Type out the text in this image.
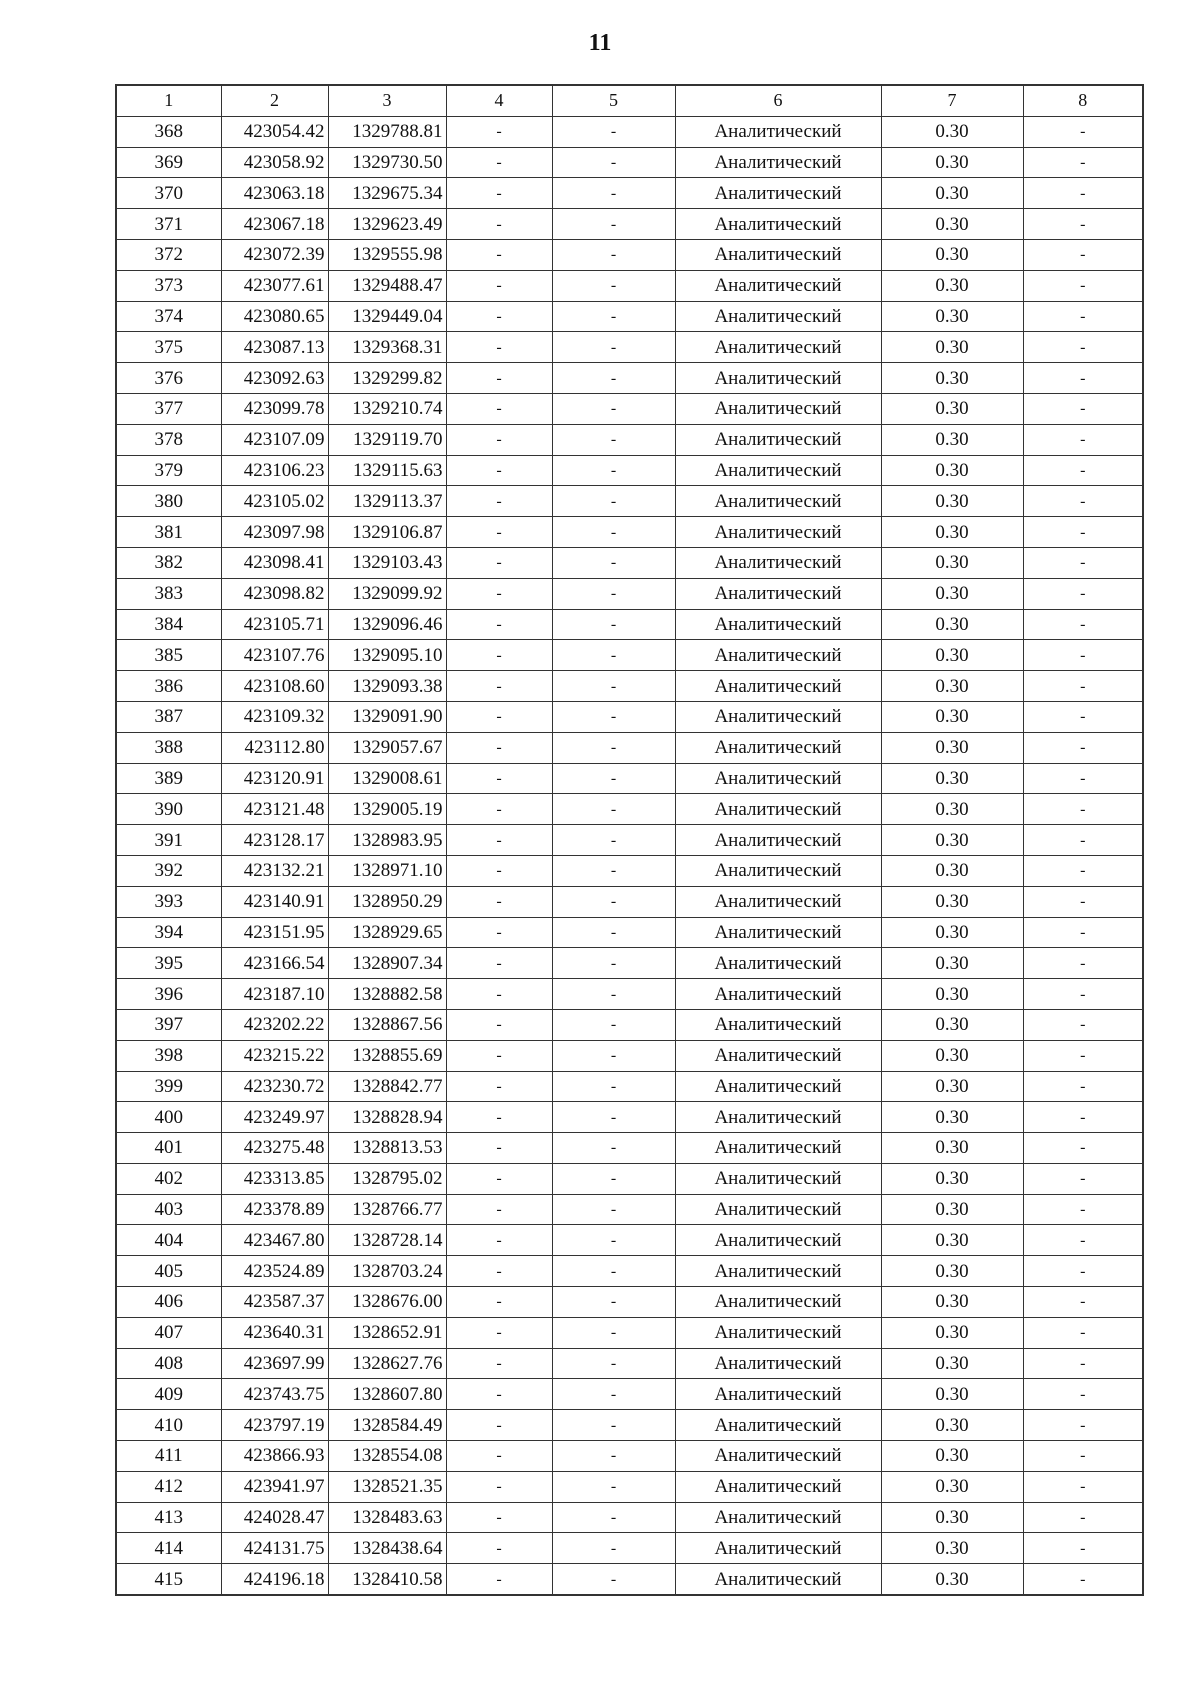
11
1	2	3	4	5	6	7	8
368	423054.42	1329788.81	-	-	Аналитический	0.30	-
369	423058.92	1329730.50	-	-	Аналитический	0.30	-
370	423063.18	1329675.34	-	-	Аналитический	0.30	-
371	423067.18	1329623.49	-	-	Аналитический	0.30	-
372	423072.39	1329555.98	-	-	Аналитический	0.30	-
373	423077.61	1329488.47	-	-	Аналитический	0.30	-
374	423080.65	1329449.04	-	-	Аналитический	0.30	-
375	423087.13	1329368.31	-	-	Аналитический	0.30	-
376	423092.63	1329299.82	-	-	Аналитический	0.30	-
377	423099.78	1329210.74	-	-	Аналитический	0.30	-
378	423107.09	1329119.70	-	-	Аналитический	0.30	-
379	423106.23	1329115.63	-	-	Аналитический	0.30	-
380	423105.02	1329113.37	-	-	Аналитический	0.30	-
381	423097.98	1329106.87	-	-	Аналитический	0.30	-
382	423098.41	1329103.43	-	-	Аналитический	0.30	-
383	423098.82	1329099.92	-	-	Аналитический	0.30	-
384	423105.71	1329096.46	-	-	Аналитический	0.30	-
385	423107.76	1329095.10	-	-	Аналитический	0.30	-
386	423108.60	1329093.38	-	-	Аналитический	0.30	-
387	423109.32	1329091.90	-	-	Аналитический	0.30	-
388	423112.80	1329057.67	-	-	Аналитический	0.30	-
389	423120.91	1329008.61	-	-	Аналитический	0.30	-
390	423121.48	1329005.19	-	-	Аналитический	0.30	-
391	423128.17	1328983.95	-	-	Аналитический	0.30	-
392	423132.21	1328971.10	-	-	Аналитический	0.30	-
393	423140.91	1328950.29	-	-	Аналитический	0.30	-
394	423151.95	1328929.65	-	-	Аналитический	0.30	-
395	423166.54	1328907.34	-	-	Аналитический	0.30	-
396	423187.10	1328882.58	-	-	Аналитический	0.30	-
397	423202.22	1328867.56	-	-	Аналитический	0.30	-
398	423215.22	1328855.69	-	-	Аналитический	0.30	-
399	423230.72	1328842.77	-	-	Аналитический	0.30	-
400	423249.97	1328828.94	-	-	Аналитический	0.30	-
401	423275.48	1328813.53	-	-	Аналитический	0.30	-
402	423313.85	1328795.02	-	-	Аналитический	0.30	-
403	423378.89	1328766.77	-	-	Аналитический	0.30	-
404	423467.80	1328728.14	-	-	Аналитический	0.30	-
405	423524.89	1328703.24	-	-	Аналитический	0.30	-
406	423587.37	1328676.00	-	-	Аналитический	0.30	-
407	423640.31	1328652.91	-	-	Аналитический	0.30	-
408	423697.99	1328627.76	-	-	Аналитический	0.30	-
409	423743.75	1328607.80	-	-	Аналитический	0.30	-
410	423797.19	1328584.49	-	-	Аналитический	0.30	-
411	423866.93	1328554.08	-	-	Аналитический	0.30	-
412	423941.97	1328521.35	-	-	Аналитический	0.30	-
413	424028.47	1328483.63	-	-	Аналитический	0.30	-
414	424131.75	1328438.64	-	-	Аналитический	0.30	-
415	424196.18	1328410.58	-	-	Аналитический	0.30	-
